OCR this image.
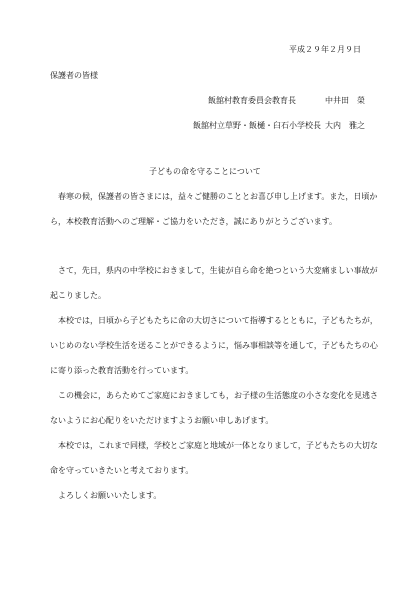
平成２９年２月９日
保護者の皆様
飯舘村教育委員会教育長	中井田　榮
飯舘村立草野・飯樋・臼石小学校長 大内　雅之
子どもの命を守ることについて
春寒の候，保護者の皆さまには，益々ご健勝のこととお喜び申し上げます。また，日頃から，本校教育活動へのご理解・ご協力をいただき，誠にありがとうございます。
さて，先日，県内の中学校におきまして，生徒が自ら命を絶つという大変痛ましい事故が起こりました。
本校では，日頃から子どもたちに命の大切さについて指導するとともに，子どもたちが，いじめのない学校生活を送ることができるように，悩み事相談等を通して，子どもたちの心に寄り添った教育活動を行っています。
この機会に，あらためてご家庭におきましても，お子様の生活態度の小さな変化を見逃さないようにお心配りをいただけますようお願い申しあげます。
本校では，これまで同様，学校とご家庭と地域が一体となりまして，子どもたちの大切な命を守っていきたいと考えております。
よろしくお願いいたします。
